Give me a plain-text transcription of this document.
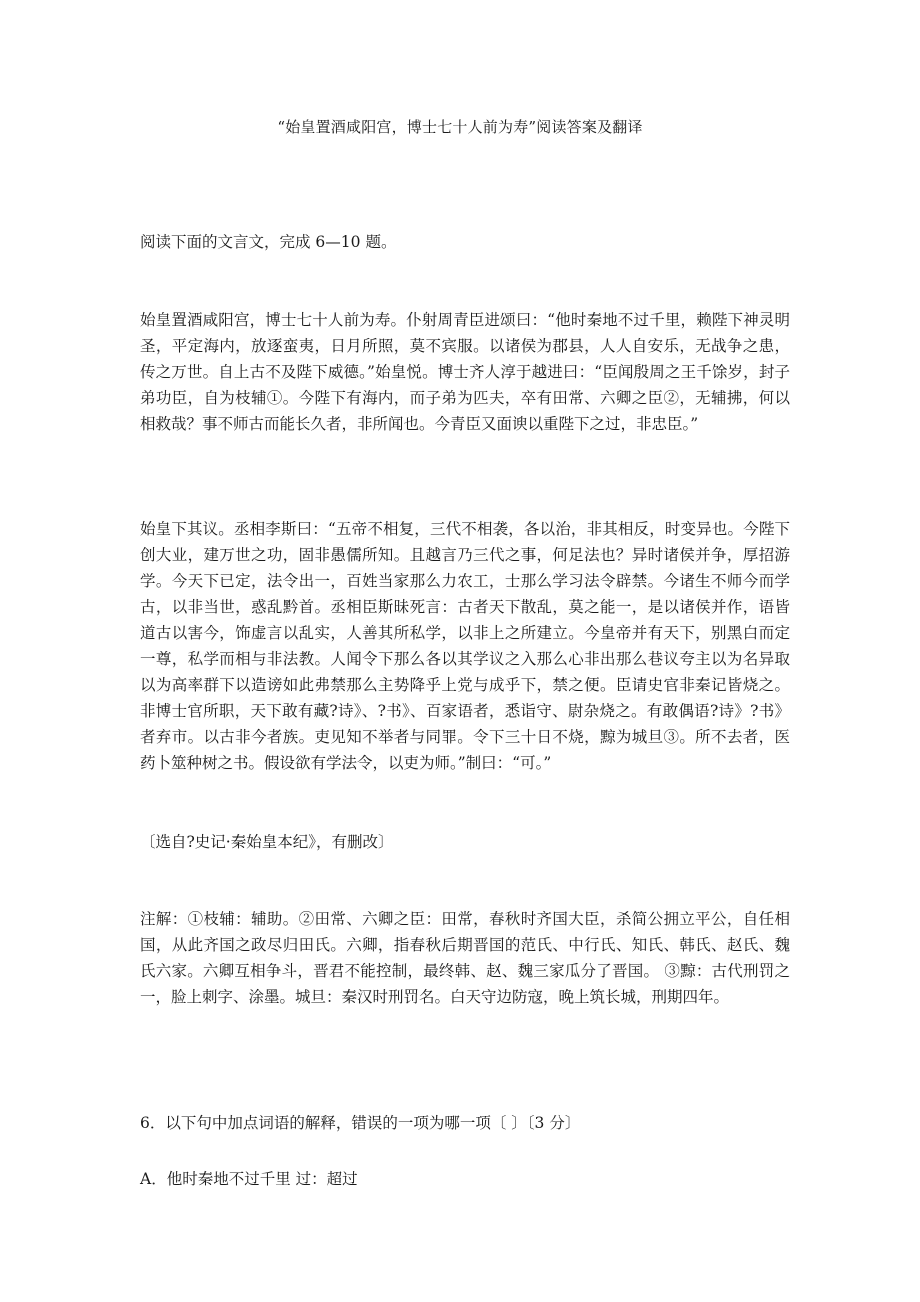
“始皇置酒咸阳宫，博士七十人前为寿”阅读答案及翻译
阅读下面的文言文，完成 6—10 题。
始皇置酒咸阳宫，博士七十人前为寿。仆射周青臣进颂曰：“他时秦地不过千里，赖陛下神灵明圣，平定海内，放逐蛮夷，日月所照，莫不宾服。以诸侯为郡县，人人自安乐，无战争之患，传之万世。自上古不及陛下威德。”始皇悦。博士齐人淳于越进曰：“臣闻殷周之王千馀岁，封子弟功臣，自为枝辅①。今陛下有海内，而子弟为匹夫，卒有田常、六卿之臣②，无辅拂，何以相救哉？事不师古而能长久者，非所闻也。今青臣又面谀以重陛下之过，非忠臣。”
始皇下其议。丞相李斯曰：“五帝不相复，三代不相袭，各以治，非其相反，时变异也。今陛下创大业，建万世之功，固非愚儒所知。且越言乃三代之事，何足法也？异时诸侯并争，厚招游学。今天下已定，法令出一，百姓当家那么力农工，士那么学习法令辟禁。今诸生不师今而学古，以非当世，惑乱黔首。丞相臣斯昧死言：古者天下散乱，莫之能一，是以诸侯并作，语皆道古以害今，饰虚言以乱实，人善其所私学，以非上之所建立。今皇帝并有天下，别黑白而定一尊，私学而相与非法教。人闻令下那么各以其学议之入那么心非出那么巷议夸主以为名异取以为高率群下以造谤如此弗禁那么主势降乎上党与成乎下，禁之便。臣请史官非秦记皆烧之。非博士官所职，天下敢有藏?诗》、?书》、百家语者，悉诣守、尉杂烧之。有敢偶语?诗》?书》者弃市。以古非今者族。吏见知不举者与同罪。令下三十日不烧，黥为城旦③。所不去者，医药卜筮种树之书。假设欲有学法令，以吏为师。”制曰：“可。”
〔选自?史记·秦始皇本纪》，有删改〕
注解：①枝辅：辅助。②田常、六卿之臣：田常，春秋时齐国大臣，杀简公拥立平公，自任相国，从此齐国之政尽归田氏。六卿，指春秋后期晋国的范氏、中行氏、知氏、韩氏、赵氏、魏氏六家。六卿互相争斗，晋君不能控制，最终韩、赵、魏三家瓜分了晋国。 ③黥：古代刑罚之一，脸上刺字、涂墨。城旦：秦汉时刑罚名。白天守边防寇，晚上筑长城，刑期四年。
6．以下句中加点词语的解释，错误的一项为哪一项〔 〕〔3 分〕
A．他时秦地不过千里 过：超过
